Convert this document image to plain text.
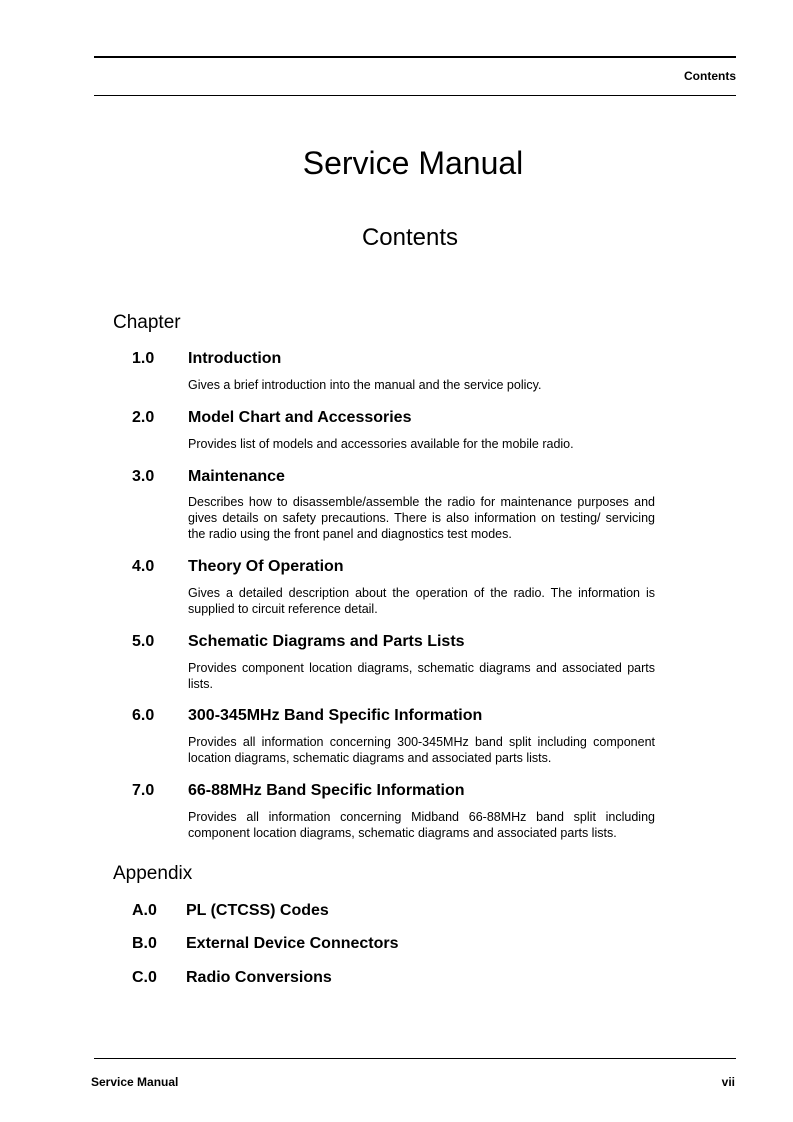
Contents
Service Manual
Contents
Chapter
1.0 Introduction
Gives a brief introduction into the manual and the service policy.
2.0 Model Chart and Accessories
Provides list of models and accessories available for the mobile radio.
3.0 Maintenance
Describes how to disassemble/assemble the radio for maintenance purposes and gives details on safety precautions. There is also information on testing/ servicing the radio using the front panel and diagnostics test modes.
4.0 Theory Of Operation
Gives a detailed description about the operation of the radio. The information is supplied to circuit reference detail.
5.0 Schematic Diagrams and Parts Lists
Provides component location diagrams, schematic diagrams and associated parts lists.
6.0 300-345MHz Band Specific Information
Provides all information concerning 300-345MHz band split including component location diagrams, schematic diagrams and associated parts lists.
7.0 66-88MHz Band Specific Information
Provides all information concerning Midband 66-88MHz band split including component location diagrams, schematic diagrams and associated parts lists.
Appendix
A.0 PL (CTCSS) Codes
B.0 External Device Connectors
C.0 Radio Conversions
Service Manual	vii
